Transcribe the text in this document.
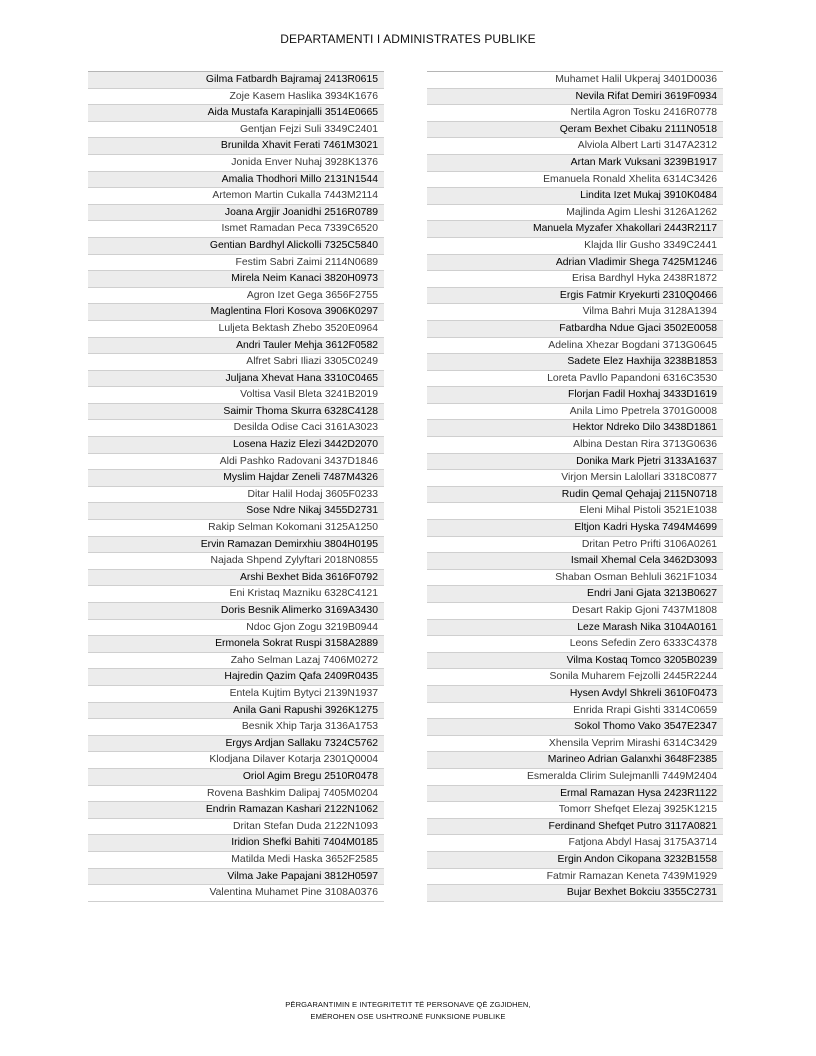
DEPARTAMENTI I ADMINISTRATES PUBLIKE
Gilma Fatbardh Bajramaj 2413R0615
Zoje Kasem Haslika 3934K1676
Aida Mustafa Karapinjalli 3514E0665
Gentjan Fejzi Suli 3349C2401
Brunilda Xhavit Ferati 7461M3021
Jonida Enver Nuhaj 3928K1376
Amalia Thodhori Millo 2131N1544
Artemon Martin Cukalla 7443M2114
Joana Argjir Joanidhi 2516R0789
Ismet Ramadan Peca 7339C6520
Gentian Bardhyl Alickolli 7325C5840
Festim Sabri Zaimi 2114N0689
Mirela Neim Kanaci 3820H0973
Agron Izet Gega 3656F2755
Maglentina Flori Kosova 3906K0297
Luljeta Bektash Zhebo 3520E0964
Andri Tauler Mehja 3612F0582
Alfret Sabri Iliazi 3305C0249
Juljana Xhevat Hana 3310C0465
Voltisa Vasil Bleta 3241B2019
Saimir Thoma Skurra 6328C4128
Desilda Odise Caci 3161A3023
Losena Haziz Elezi 3442D2070
Aldi Pashko Radovani 3437D1846
Myslim Hajdar Zeneli 7487M4326
Ditar Halil Hodaj 3605F0233
Sose Ndre Nikaj 3455D2731
Rakip Selman Kokomani 3125A1250
Ervin Ramazan Demirxhiu 3804H0195
Najada Shpend Zylyftari 2018N0855
Arshi Bexhet Bida 3616F0792
Eni Kristaq Mazniku 6328C4121
Doris Besnik Alimerko 3169A3430
Ndoc Gjon Zogu 3219B0944
Ermonela Sokrat Ruspi 3158A2889
Zaho Selman Lazaj 7406M0272
Hajredin Qazim Qafa 2409R0435
Entela Kujtim Bytyci 2139N1937
Anila Gani Rapushi 3926K1275
Besnik Xhip Tarja 3136A1753
Ergys Ardjan Sallaku 7324C5762
Klodjana Dilaver Kotarja 2301Q0004
Oriol Agim Bregu 2510R0478
Rovena Bashkim Dalipaj 7405M0204
Endrin Ramazan Kashari 2122N1062
Dritan Stefan Duda 2122N1093
Iridion Shefki Bahiti 7404M0185
Matilda Medi Haska 3652F2585
Vilma Jake Papajani 3812H0597
Valentina Muhamet Pine 3108A0376
Muhamet Halil Ukperaj 3401D0036
Nevila Rifat Demiri 3619F0934
Nertila Agron Tosku 2416R0778
Qeram Bexhet Cibaku 2111N0518
Alviola Albert Larti 3147A2312
Artan Mark Vuksani 3239B1917
Emanuela Ronald Xhelita 6314C3426
Lindita Izet Mukaj 3910K0484
Majlinda Agim Lleshi 3126A1262
Manuela Myzafer Xhakollari 2443R2117
Klajda Ilir Gusho 3349C2441
Adrian Vladimir Shega 7425M1246
Erisa Bardhyl Hyka 2438R1872
Ergis Fatmir Kryekurti 2310Q0466
Vilma Bahri Muja 3128A1394
Fatbardha Ndue Gjaci 3502E0058
Adelina Xhezar Bogdani 3713G0645
Sadete Elez Haxhija 3238B1853
Loreta Pavllo Papandoni 6316C3530
Florjan Fadil Hoxhaj 3433D1619
Anila Limo Ppetrela 3701G0008
Hektor Ndreko Dilo 3438D1861
Albina Destan Rira 3713G0636
Donika Mark Pjetri 3133A1637
Virjon Mersin Lalollari 3318C0877
Rudin Qemal Qehajaj 2115N0718
Eleni Mihal Pistoli 3521E1038
Eltjon Kadri Hyska 7494M4699
Dritan Petro Prifti 3106A0261
Ismail Xhemal Cela 3462D3093
Shaban Osman Behluli 3621F1034
Endri Jani Gjata 3213B0627
Desart Rakip Gjoni 7437M1808
Leze Marash Nika 3104A0161
Leons Sefedin Zero 6333C4378
Vilma Kostaq Tomco 3205B0239
Sonila Muharem Fejzolli 2445R2244
Hysen Avdyl Shkreli 3610F0473
Enrida Rrapi Gishti 3314C0659
Sokol Thomo Vako 3547E2347
Xhensila Veprim Mirashi 6314C3429
Marineo Adrian Galanxhi 3648F2385
Esmeralda Clirim Sulejmanlli 7449M2404
Ermal Ramazan Hysa 2423R1122
Tomorr Shefqet Elezaj 3925K1215
Ferdinand Shefqet Putro 3117A0821
Fatjona Abdyl Hasaj 3175A3714
Ergin Andon Cikopana 3232B1558
Fatmir Ramazan Keneta 7439M1929
Bujar Bexhet Bokciu 3355C2731
PËRGARANTIMIN E INTEGRITETIT TË PERSONAVE QË ZGJIDHEN,
EMËROHEN OSE USHTROJNË FUNKSIONE PUBLIKE
